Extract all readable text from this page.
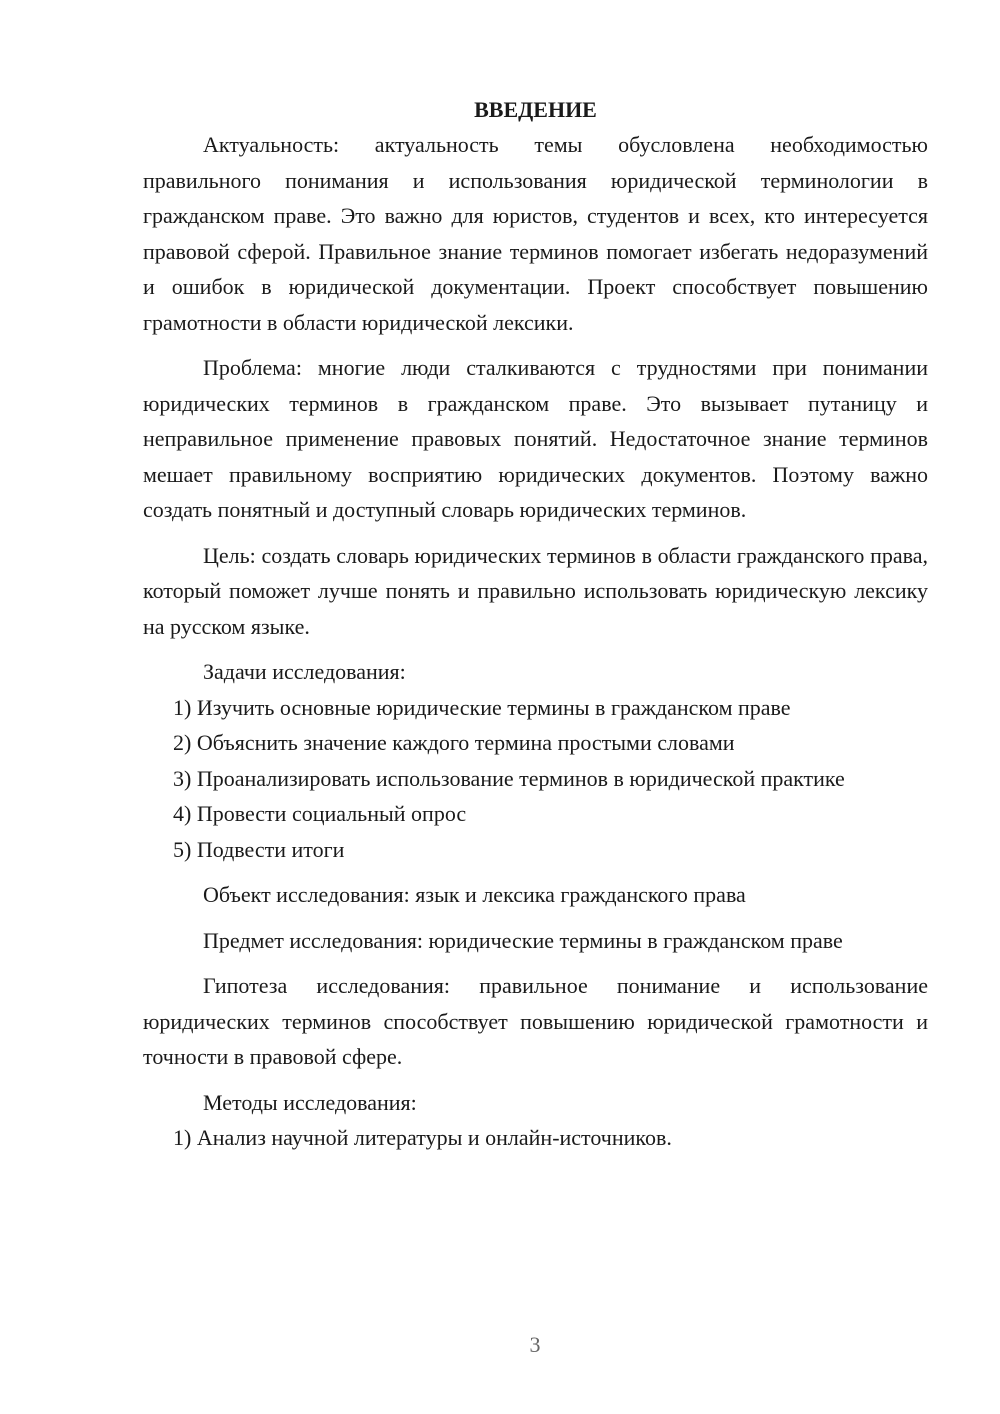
ВВЕДЕНИЕ

Актуальность: актуальность темы обусловлена необходимостью правильного понимания и использования юридической терминологии в гражданском праве. Это важно для юристов, студентов и всех, кто интересуется правовой сферой. Правильное знание терминов помогает избегать недоразумений и ошибок в юридической документации. Проект способствует повышению грамотности в области юридической лексики.

Проблема: многие люди сталкиваются с трудностями при понимании юридических терминов в гражданском праве. Это вызывает путаницу и неправильное применение правовых понятий. Недостаточное знание терминов мешает правильному восприятию юридических документов. Поэтому важно создать понятный и доступный словарь юридических терминов.

Цель: создать словарь юридических терминов в области гражданского права, который поможет лучше понять и правильно использовать юридическую лексику на русском языке.

Задачи исследования:

1) Изучить основные юридические термины в гражданском праве

2) Объяснить значение каждого термина простыми словами

3) Проанализировать использование терминов в юридической практике

4) Провести социальный опрос

5) Подвести итоги

Объект исследования: язык и лексика гражданского права

Предмет исследования: юридические термины в гражданском праве

Гипотеза исследования: правильное понимание и использование юридических терминов способствует повышению юридической грамотности и точности в правовой сфере.

Методы исследования:

1) Анализ научной литературы и онлайн-источников.

3
